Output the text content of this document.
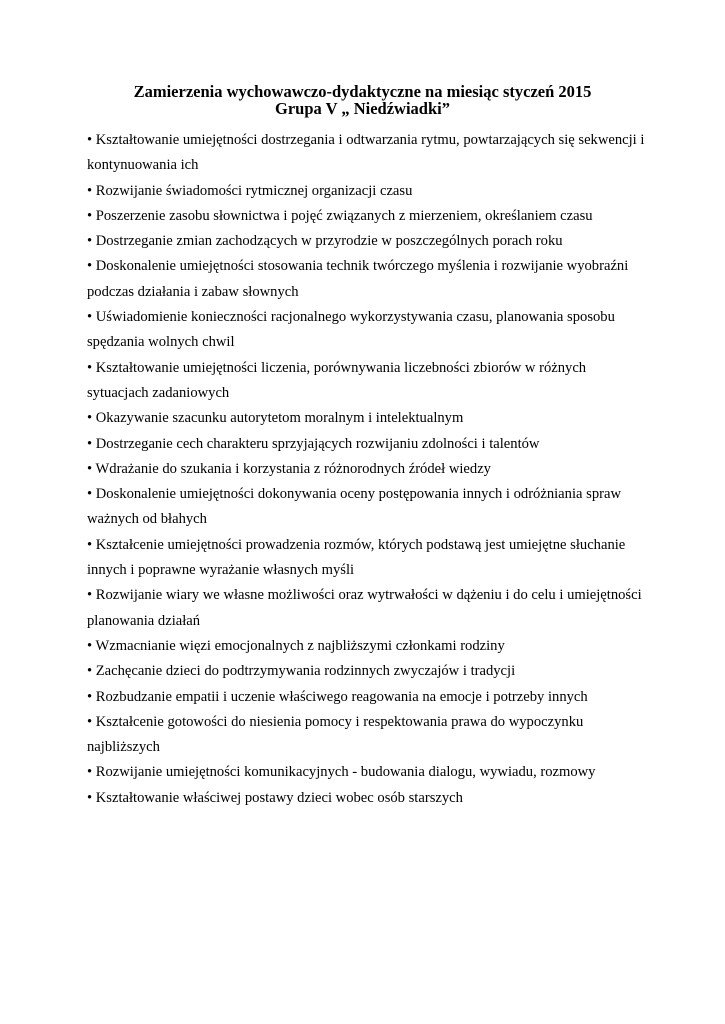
Zamierzenia wychowawczo-dydaktyczne na miesiąc styczeń 2015
Grupa V „ Niedźwiadki”
• Kształtowanie umiejętności dostrzegania i odtwarzania rytmu, powtarzających się sekwencji i kontynuowania ich
• Rozwijanie świadomości rytmicznej organizacji czasu
• Poszerzenie zasobu słownictwa i pojęć związanych z mierzeniem, określaniem czasu
• Dostrzeganie zmian zachodzących w przyrodzie w poszczególnych porach roku
• Doskonalenie umiejętności stosowania technik twórczego myślenia i rozwijanie wyobraźni podczas działania i zabaw słownych
• Uświadomienie konieczności racjonalnego wykorzystywania czasu, planowania sposobu spędzania wolnych chwil
• Kształtowanie umiejętności liczenia, porównywania liczebności zbiorów w różnych sytuacjach zadaniowych
• Okazywanie szacunku autorytetom moralnym i intelektualnym
• Dostrzeganie cech charakteru sprzyjających rozwijaniu zdolności i talentów
• Wdrażanie do szukania i korzystania z różnorodnych źródeł wiedzy
• Doskonalenie umiejętności dokonywania oceny postępowania innych i odróżniania spraw ważnych od błahych
• Kształcenie umiejętności prowadzenia rozmów, których podstawą jest umiejętne słuchanie innych i poprawne wyrażanie własnych myśli
• Rozwijanie wiary we własne możliwości oraz wytrwałości w dążeniu i do celu i umiejętności planowania działań
• Wzmacnianie więzi emocjonalnych z najbliższymi członkami rodziny
• Zachęcanie dzieci do podtrzymywania rodzinnych zwyczajów i tradycji
• Rozbudzanie empatii i uczenie właściwego reagowania na emocje i potrzeby innych
• Kształcenie gotowości do niesienia pomocy i respektowania prawa do wypoczynku najbliższych
• Rozwijanie umiejętności komunikacyjnych - budowania dialogu, wywiadu, rozmowy
• Kształtowanie właściwej postawy dzieci wobec osób starszych
